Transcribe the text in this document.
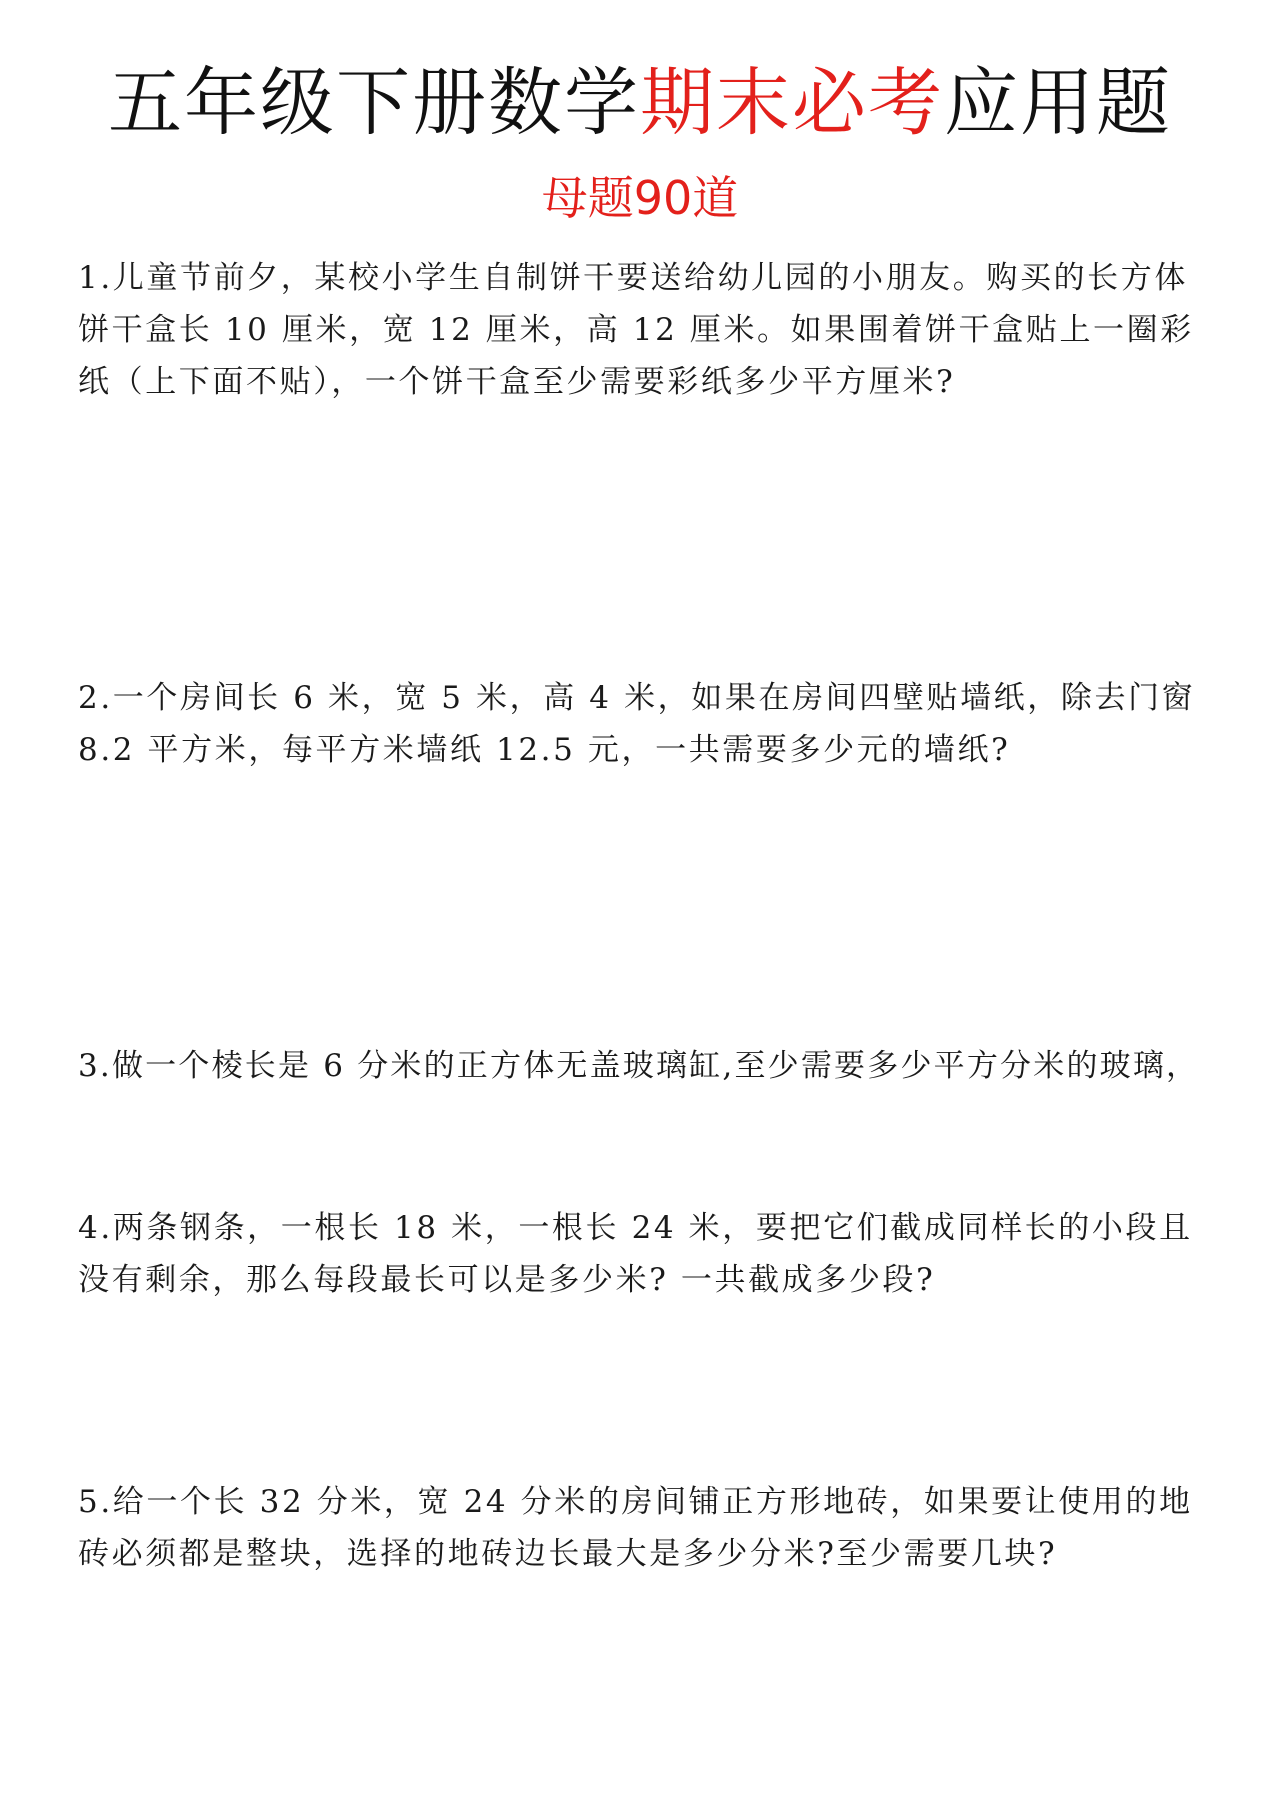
五年级下册数学期末必考应用题
母题90道

1.儿童节前夕，某校小学生自制饼干要送给幼儿园的小朋友。购买的长方体饼干盒长 10 厘米，宽 12 厘米，高 12 厘米。如果围着饼干盒贴上一圈彩纸（上下面不贴），一个饼干盒至少需要彩纸多少平方厘米?

2.一个房间长 6 米，宽 5 米，高 4 米，如果在房间四壁贴墙纸，除去门窗 8.2 平方米，每平方米墙纸 12.5 元，一共需要多少元的墙纸?

3.做一个棱长是 6 分米的正方体无盖玻璃缸,至少需要多少平方分米的玻璃，

4.两条钢条，一根长 18 米，一根长 24 米，要把它们截成同样长的小段且没有剩余，那么每段最长可以是多少米? 一共截成多少段?

5.给一个长 32 分米，宽 24 分米的房间铺正方形地砖，如果要让使用的地砖必须都是整块，选择的地砖边长最大是多少分米?至少需要几块?
